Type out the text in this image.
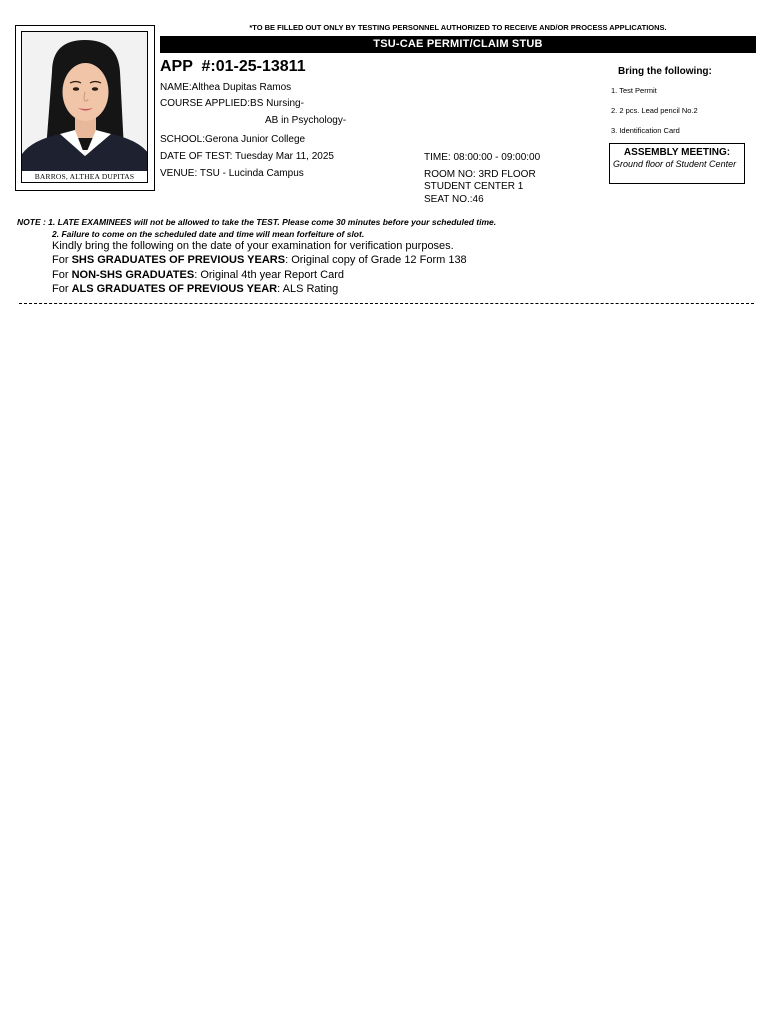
BARROS, ALTHEA DUPITAS
*TO BE FILLED OUT ONLY BY TESTING PERSONNEL AUTHORIZED TO RECEIVE AND/OR PROCESS APPLICATIONS.
TSU-CAE PERMIT/CLAIM STUB
APP  #:01-25-13811
NAME:Althea Dupitas Ramos
COURSE APPLIED:BS Nursing-
AB in Psychology-
SCHOOL:Gerona Junior College
DATE OF TEST: Tuesday Mar 11, 2025
VENUE: TSU - Lucinda Campus
TIME: 08:00:00 - 09:00:00
ROOM NO: 3RD FLOOR
STUDENT CENTER 1
SEAT NO.:46
Bring the following:
1. Test Permit
2. 2 pcs. Lead pencil No.2
3. Identification Card
ASSEMBLY MEETING:
Ground floor of Student Center
NOTE : 1. LATE EXAMINEES will not be allowed to take the TEST. Please come 30 minutes before your scheduled time.
2. Failure to come on the scheduled date and time will mean forfeiture of slot.
Kindly bring the following on the date of your examination for verification purposes.
For SHS GRADUATES OF PREVIOUS YEARS: Original copy of Grade 12 Form 138
For NON-SHS GRADUATES: Original 4th year Report Card
For ALS GRADUATES OF PREVIOUS YEAR: ALS Rating
